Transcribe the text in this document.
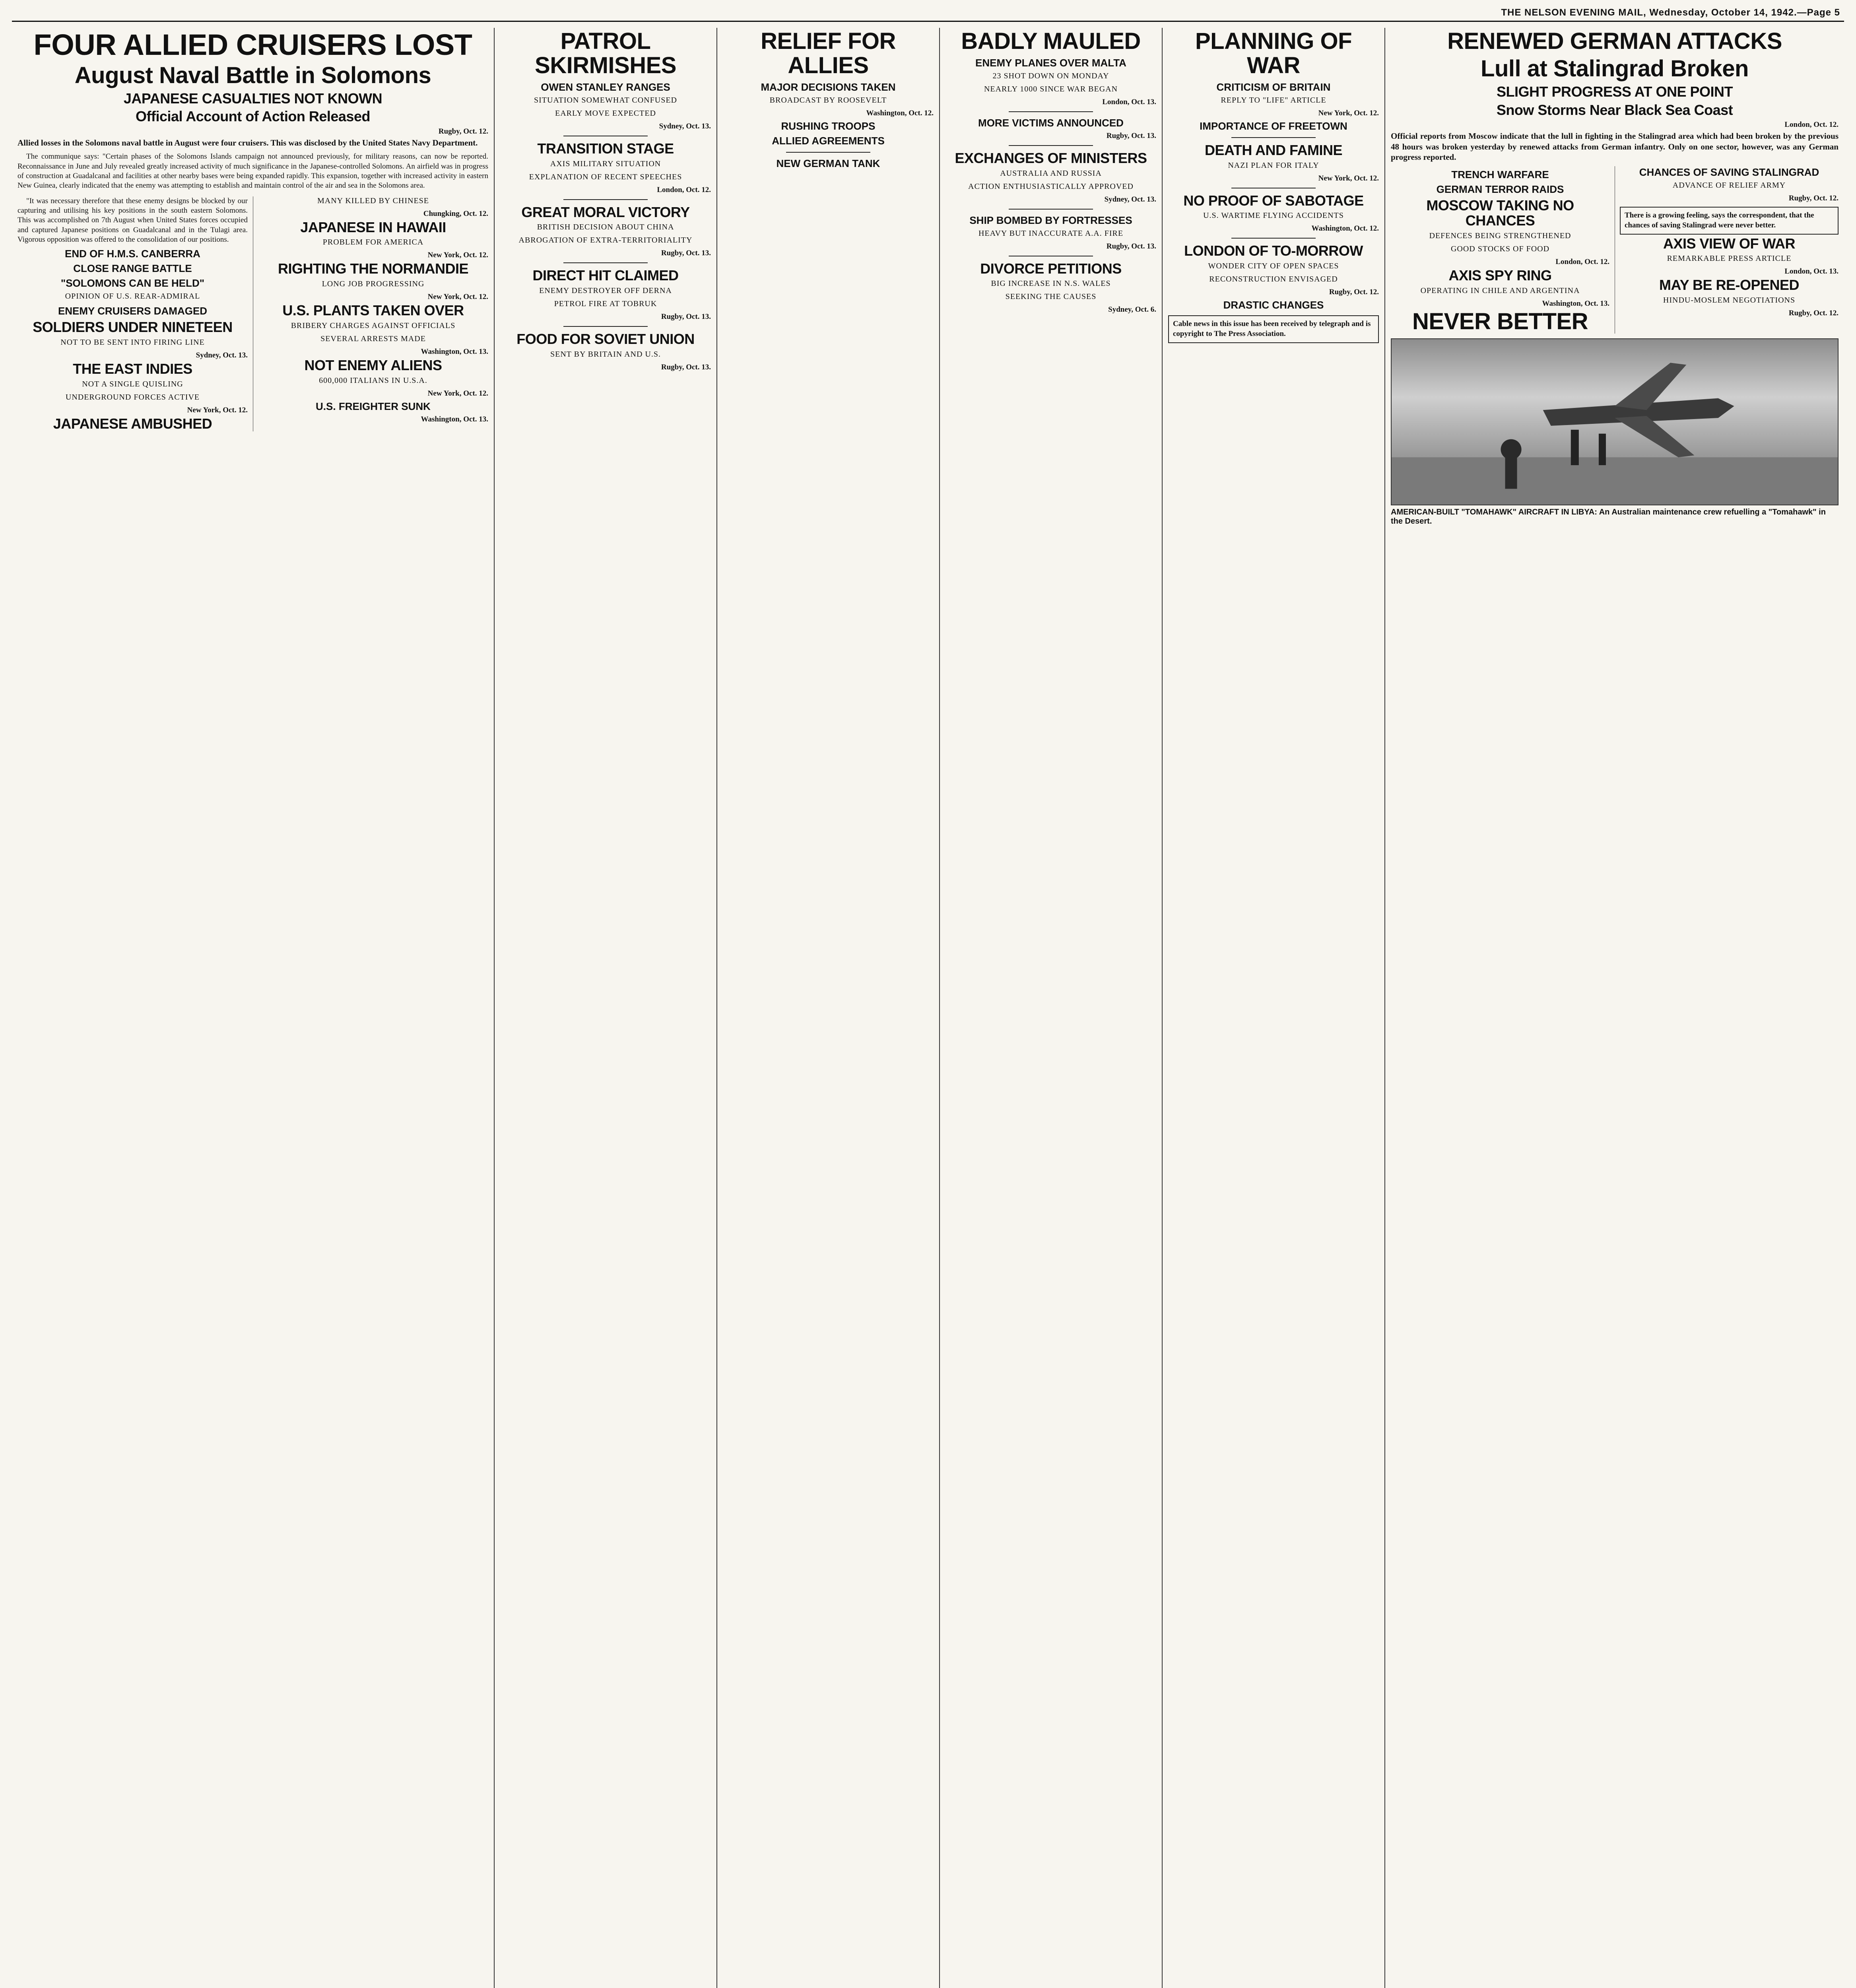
THE NELSON EVENING MAIL, Wednesday, October 14, 1942.—Page 5
FOUR ALLIED CRUISERS LOST
August Naval Battle in Solomons
JAPANESE CASUALTIES NOT KNOWN
Official Account of Action Released
Rugby, Oct. 12.
Allied losses in the Solomons naval battle in August were four cruisers. This was disclosed by the United States Navy Department.
The communique says: "Certain phases of the Solomons Islands campaign not announced previously, for military reasons, can now be reported. Reconnaissance in June and July revealed greatly increased activity of much significance in the Japanese-controlled Solomons. An airfield was in progress of construction at Guadalcanal and facilities at other nearby bases were being expanded rapidly. This expansion, together with increased activity in eastern New Guinea, clearly indicated that the enemy was attempting to establish and maintain control of the air and sea in the Solomons area.
"It was necessary therefore that these enemy designs be blocked by our capturing and utilising his key positions in the south eastern Solomons. This was accomplished on 7th August when United States forces occupied and captured Japanese positions on Guadalcanal and in the Tulagi area. Vigorous opposition was offered to the consolidation of our positions.
END OF H.M.S. CANBERRA
CLOSE RANGE BATTLE
"SOLOMONS CAN BE HELD"
OPINION OF U.S. REAR-ADMIRAL
ENEMY CRUISERS DAMAGED
SOLDIERS UNDER NINETEEN
NOT TO BE SENT INTO FIRING LINE
Sydney, Oct. 13.
THE EAST INDIES
NOT A SINGLE QUISLING
UNDERGROUND FORCES ACTIVE
New York, Oct. 12.
JAPANESE AMBUSHED
MANY KILLED BY CHINESE
Chungking, Oct. 12.
JAPANESE IN HAWAII
PROBLEM FOR AMERICA
New York, Oct. 12.
RIGHTING THE NORMANDIE
LONG JOB PROGRESSING
New York, Oct. 12.
U.S. PLANTS TAKEN OVER
BRIBERY CHARGES AGAINST OFFICIALS
SEVERAL ARRESTS MADE
Washington, Oct. 13.
NOT ENEMY ALIENS
600,000 ITALIANS IN U.S.A.
New York, Oct. 12.
U.S. FREIGHTER SUNK
Washington, Oct. 13.
PATROL SKIRMISHES
OWEN STANLEY RANGES
SITUATION SOMEWHAT CONFUSED
EARLY MOVE EXPECTED
Sydney, Oct. 13.
TRANSITION STAGE
AXIS MILITARY SITUATION
EXPLANATION OF RECENT SPEECHES
London, Oct. 12.
GREAT MORAL VICTORY
BRITISH DECISION ABOUT CHINA
ABROGATION OF EXTRA-TERRITORIALITY
Rugby, Oct. 13.
DIRECT HIT CLAIMED
ENEMY DESTROYER OFF DERNA
PETROL FIRE AT TOBRUK
Rugby, Oct. 13.
FOOD FOR SOVIET UNION
SENT BY BRITAIN AND U.S.
Rugby, Oct. 13.
RELIEF FOR ALLIES
MAJOR DECISIONS TAKEN
BROADCAST BY ROOSEVELT
Washington, Oct. 12.
RUSHING TROOPS
ALLIED AGREEMENTS
NEW GERMAN TANK
BADLY MAULED
ENEMY PLANES OVER MALTA
23 SHOT DOWN ON MONDAY
NEARLY 1000 SINCE WAR BEGAN
London, Oct. 13.
MORE VICTIMS ANNOUNCED
Rugby, Oct. 13.
EXCHANGES OF MINISTERS
AUSTRALIA AND RUSSIA
ACTION ENTHUSIASTICALLY APPROVED
Sydney, Oct. 13.
SHIP BOMBED BY FORTRESSES
HEAVY BUT INACCURATE A.A. FIRE
Rugby, Oct. 13.
DIVORCE PETITIONS
BIG INCREASE IN N.S. WALES
SEEKING THE CAUSES
Sydney, Oct. 6.
PLANNING OF WAR
CRITICISM OF BRITAIN
REPLY TO "LIFE" ARTICLE
New York, Oct. 12.
IMPORTANCE OF FREETOWN
DEATH AND FAMINE
NAZI PLAN FOR ITALY
New York, Oct. 12.
NO PROOF OF SABOTAGE
U.S. WARTIME FLYING ACCIDENTS
Washington, Oct. 12.
LONDON OF TO-MORROW
WONDER CITY OF OPEN SPACES
RECONSTRUCTION ENVISAGED
Rugby, Oct. 12.
DRASTIC CHANGES
Cable news in this issue has been received by telegraph and is copyright to The Press Association.
RENEWED GERMAN ATTACKS
Lull at Stalingrad Broken
SLIGHT PROGRESS AT ONE POINT
Snow Storms Near Black Sea Coast
London, Oct. 12.
Official reports from Moscow indicate that the lull in fighting in the Stalingrad area which had been broken by the previous 48 hours was broken yesterday by renewed attacks from German infantry. Only on one sector, however, was any German progress reported.
TRENCH WARFARE
GERMAN TERROR RAIDS
MOSCOW TAKING NO CHANCES
DEFENCES BEING STRENGTHENED
GOOD STOCKS OF FOOD
London, Oct. 12.
AXIS SPY RING
OPERATING IN CHILE AND ARGENTINA
Washington, Oct. 13.
NEVER BETTER
CHANCES OF SAVING STALINGRAD
ADVANCE OF RELIEF ARMY
Rugby, Oct. 12.
There is a growing feeling, says the correspondent, that the chances of saving Stalingrad were never better.
AXIS VIEW OF WAR
REMARKABLE PRESS ARTICLE
London, Oct. 13.
MAY BE RE-OPENED
HINDU-MOSLEM NEGOTIATIONS
Rugby, Oct. 12.
AMERICAN-BUILT "TOMAHAWK" AIRCRAFT IN LIBYA: An Australian maintenance crew refuelling a "Tomahawk" in the Desert.
